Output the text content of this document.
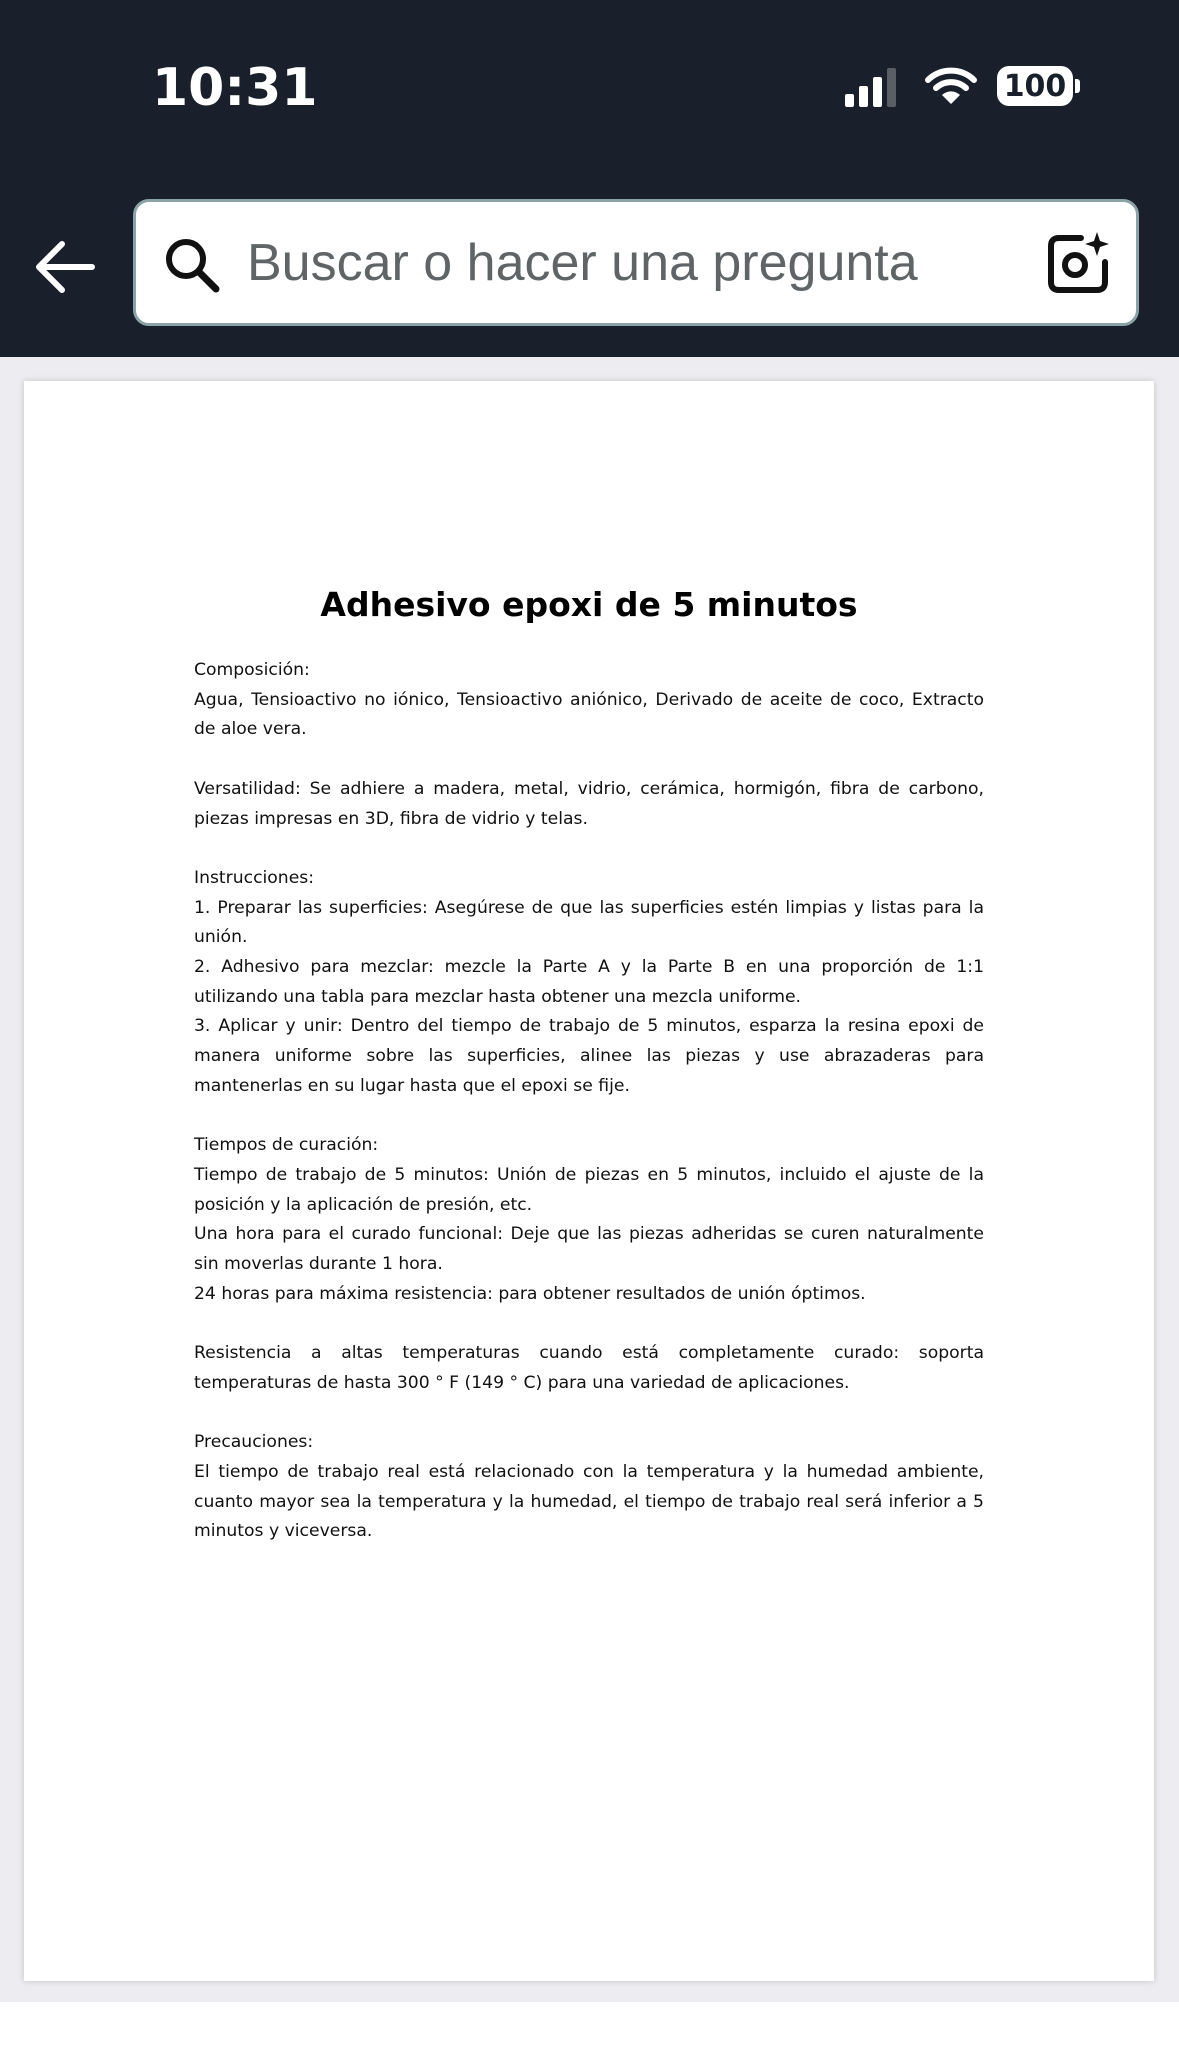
10:31	100
Buscar o hacer una pregunta
Adhesivo epoxi de 5 minutos

Composición:
Agua, Tensioactivo no iónico, Tensioactivo aniónico, Derivado de aceite de coco, Extracto de aloe vera.

Versatilidad: Se adhiere a madera, metal, vidrio, cerámica, hormigón, fibra de carbono, piezas impresas en 3D, fibra de vidrio y telas.

Instrucciones:
1. Preparar las superficies: Asegúrese de que las superficies estén limpias y listas para la unión.
2. Adhesivo para mezclar: mezcle la Parte A y la Parte B en una proporción de 1:1 utilizando una tabla para mezclar hasta obtener una mezcla uniforme.
3. Aplicar y unir: Dentro del tiempo de trabajo de 5 minutos, esparza la resina epoxi de manera uniforme sobre las superficies, alinee las piezas y use abrazaderas para mantenerlas en su lugar hasta que el epoxi se fije.

Tiempos de curación:
Tiempo de trabajo de 5 minutos: Unión de piezas en 5 minutos, incluido el ajuste de la posición y la aplicación de presión, etc.
Una hora para el curado funcional: Deje que las piezas adheridas se curen naturalmente sin moverlas durante 1 hora.
24 horas para máxima resistencia: para obtener resultados de unión óptimos.

Resistencia a altas temperaturas cuando está completamente curado: soporta temperaturas de hasta 300 ° F (149 ° C) para una variedad de aplicaciones.

Precauciones:
El tiempo de trabajo real está relacionado con la temperatura y la humedad ambiente, cuanto mayor sea la temperatura y la humedad, el tiempo de trabajo real será inferior a 5 minutos y viceversa.
